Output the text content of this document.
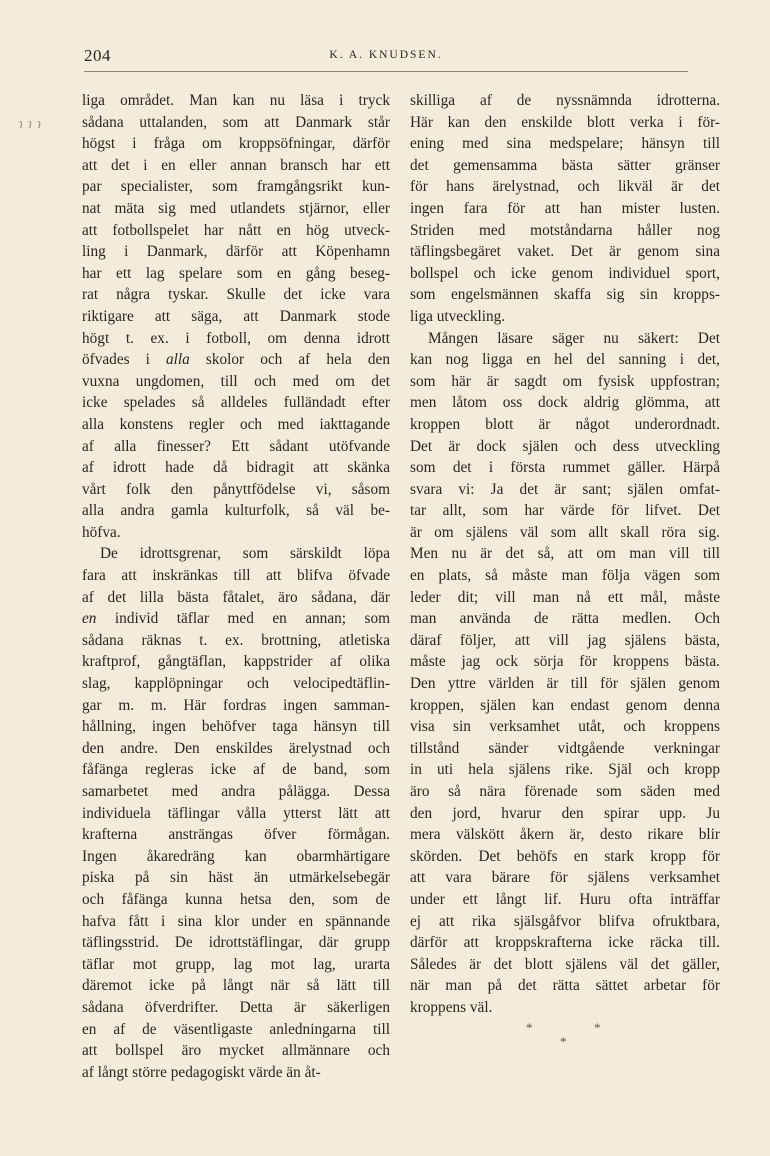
204	K. A. KNUDSEN.
ɿ ɿ ɿ
liga området. Man kan nu läsa i tryck
sådana uttalanden, som att Danmark står
högst i fråga om kroppsöfningar, därför
att det i en eller annan bransch har ett
par specialister, som framgångsrikt kun-
nat mäta sig med utlandets stjärnor, eller
att fotbollspelet har nått en hög utveck-
ling i Danmark, därför att Köpenhamn
har ett lag spelare som en gång beseg-
rat några tyskar. Skulle det icke vara
riktigare att säga, att Danmark stode
högt t. ex. i fotboll, om denna idrott
öfvades i alla skolor och af hela den
vuxna ungdomen, till och med om det
icke spelades så alldeles fulländadt efter
alla konstens regler och med iakttagande
af alla finesser? Ett sådant utöfvande
af idrott hade då bidragit att skänka
vårt folk den pånyttfödelse vi, såsom
alla andra gamla kulturfolk, så väl be-
höfva.
De idrottsgrenar, som särskildt löpa
fara att inskränkas till att blifva öfvade
af det lilla bästa fåtalet, äro sådana, där
en individ täflar med en annan; som
sådana räknas t. ex. brottning, atletiska
kraftprof, gångtäflan, kappstrider af olika
slag, kapplöpningar och velocipedtäflin-
gar m. m. Här fordras ingen samman-
hållning, ingen behöfver taga hänsyn till
den andre. Den enskildes ärelystnad och
fåfänga regleras icke af de band, som
samarbetet med andra pålägga. Dessa
individuela täflingar vålla ytterst lätt att
krafterna ansträngas öfver förmågan.
Ingen åkaredräng kan obarmhärtigare
piska på sin häst än utmärkelsebegär
och fåfänga kunna hetsa den, som de
hafva fått i sina klor under en spännande
täflingsstrid. De idrottstäflingar, där grupp
täflar mot grupp, lag mot lag, urarta
däremot icke på långt när så lätt till
sådana öfverdrifter. Detta är säkerligen
en af de väsentligaste anledningarna till
att bollspel äro mycket allmännare och
af långt större pedagogiskt värde än åt-
skilliga af de nyssnämnda idrotterna.
Här kan den enskilde blott verka i för-
ening med sina medspelare; hänsyn till
det gemensamma bästa sätter gränser
för hans ärelystnad, och likväl är det
ingen fara för att han mister lusten.
Striden med motståndarna håller nog
täflingsbegäret vaket. Det är genom sina
bollspel och icke genom individuel sport,
som engelsmännen skaffa sig sin kropps-
liga utveckling.
Mången läsare säger nu säkert: Det
kan nog ligga en hel del sanning i det,
som här är sagdt om fysisk uppfostran;
men låtom oss dock aldrig glömma, att
kroppen blott är något underordnadt.
Det är dock själen och dess utveckling
som det i första rummet gäller. Härpå
svara vi: Ja det är sant; själen omfat-
tar allt, som har värde för lifvet. Det
är om själens väl som allt skall röra sig.
Men nu är det så, att om man vill till
en plats, så måste man följa vägen som
leder dit; vill man nå ett mål, måste
man använda de rätta medlen. Och
däraf följer, att vill jag själens bästa,
måste jag ock sörja för kroppens bästa.
Den yttre världen är till för själen genom
kroppen, själen kan endast genom denna
visa sin verksamhet utåt, och kroppens
tillstånd sänder vidtgående verkningar
in uti hela själens rike. Själ och kropp
äro så nära förenade som säden med
den jord, hvarur den spirar upp. Ju
mera välskött åkern är, desto rikare blir
skörden. Det behöfs en stark kropp för
att vara bärare för själens verksamhet
under ett långt lif. Huru ofta inträffar
ej att rika själsgåfvor blifva ofruktbara,
därför att kroppskrafterna icke räcka till.
Således är det blott själens väl det gäller,
när man på det rätta sättet arbetar för
kroppens väl.
*
*
*
